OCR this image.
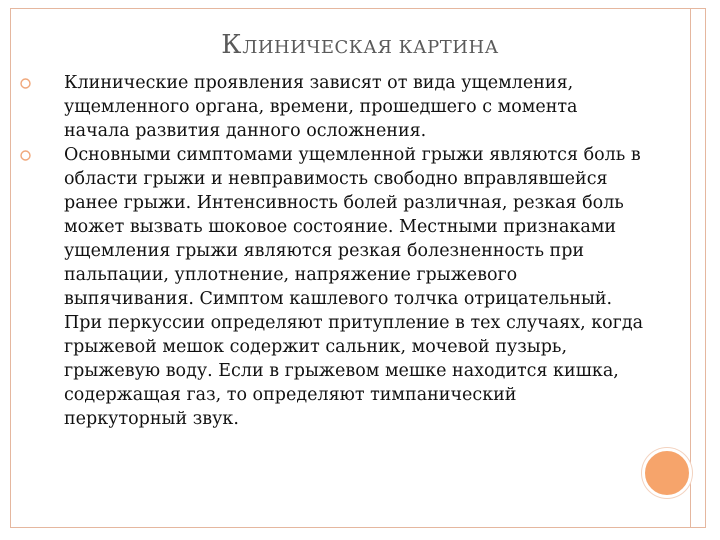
КЛИНИЧЕСКАЯ КАРТИНА
Клинические проявления зависят от вида ущемления, ущемленного органа, времени, прошедшего с момента начала развития данного осложнения.
Основными симптомами ущемленной грыжи являются боль в области грыжи и невправимость свободно вправлявшейся ранее грыжи. Интенсивность болей различная, резкая боль может вызвать шоковое состояние. Местными признаками ущемления грыжи являются резкая болезненность при пальпации, уплотнение, напряжение грыжевого выпячивания. Симптом кашлевого толчка отрицательный. При перкуссии определяют притупление в тех случаях, когда грыжевой мешок содержит сальник, мочевой пузырь, грыжевую воду. Если в грыжевом мешке находится кишка, содержащая газ, то определяют тимпанический перкуторный звук.
